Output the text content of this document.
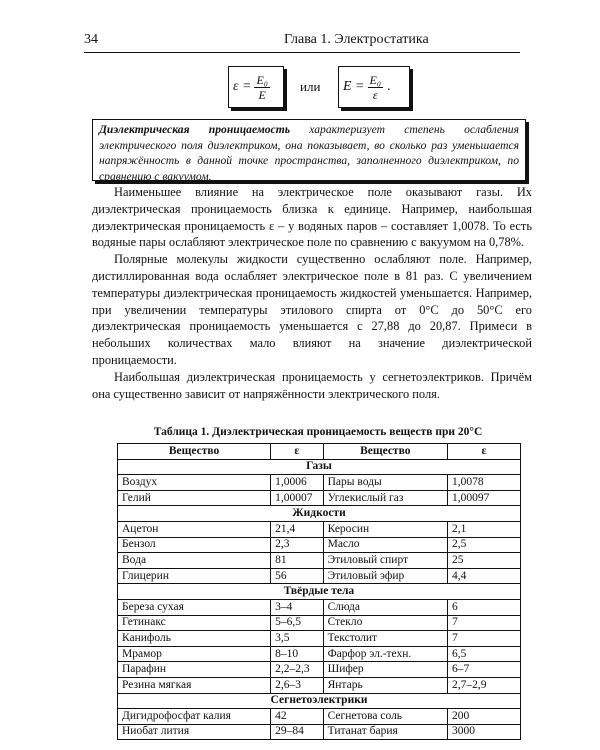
34	Глава 1. Электростатика
$\varepsilon = \frac{\text{E₀}}{E}$ или $E = \frac{\text{E₀}}{\varepsilon}$ .
Диэлектрическая проницаемость характеризует степень ослабления электрического поля диэлектриком, она показывает, во сколько раз уменьшается напряжённость в данной точке пространства, заполненного диэлектриком, по сравнению с вакуумом.

Наименьшее влияние на электрическое поле оказывают газы. Их диэлектрическая проницаемость близка к единице. Например, наибольшая диэлектрическая проницаемость ε – у водяных паров – составляет 1,0078. То есть водяные пары ослабляют электрическое поле по сравнению с вакуумом на 0,78%.

Полярные молекулы жидкости существенно ослабляют поле. Например, дистиллированная вода ослабляет электрическое поле в 81 раз. С увеличением температуры диэлектрическая проницаемость жидкостей уменьшается. Например, при увеличении температуры этилового спирта от 0°С до 50°С его диэлектрическая проницаемость уменьшается с 27,88 до 20,87. Примеси в небольших количествах мало влияют на значение диэлектрической проницаемости.

Наибольшая диэлектрическая проницаемость у сегнетоэлектриков. Причём она существенно зависит от напряжённости электрического поля.

Таблица 1. Диэлектрическая проницаемость веществ при 20°С
Вещество	ε	Вещество	ε
Газы			
Воздух	1,0006	Пары воды	1,0078
Гелий	1,00007	Углекислый газ	1,00097
Жидкости			
Ацетон	21,4	Керосин	2,1
Бензол	2,3	Масло	2,5
Вода	81	Этиловый спирт	25
Глицерин	56	Этиловый эфир	4,4
Твёрдые тела			
Береза сухая	3–4	Слюда	6
Гетинакс	5–6,5	Стекло	7
Канифоль	3,5	Текстолит	7
Мрамор	8–10	Фарфор эл.-техн.	6,5
Парафин	2,2–2,3	Шифер	6–7
Резина мягкая	2,6–3	Янтарь	2,7–2,9
Сегнетоэлектрики			
Дигидрофосфат калия	42	Сегнетова соль	200
Ниобат лития	29–84	Титанат бария	3000
